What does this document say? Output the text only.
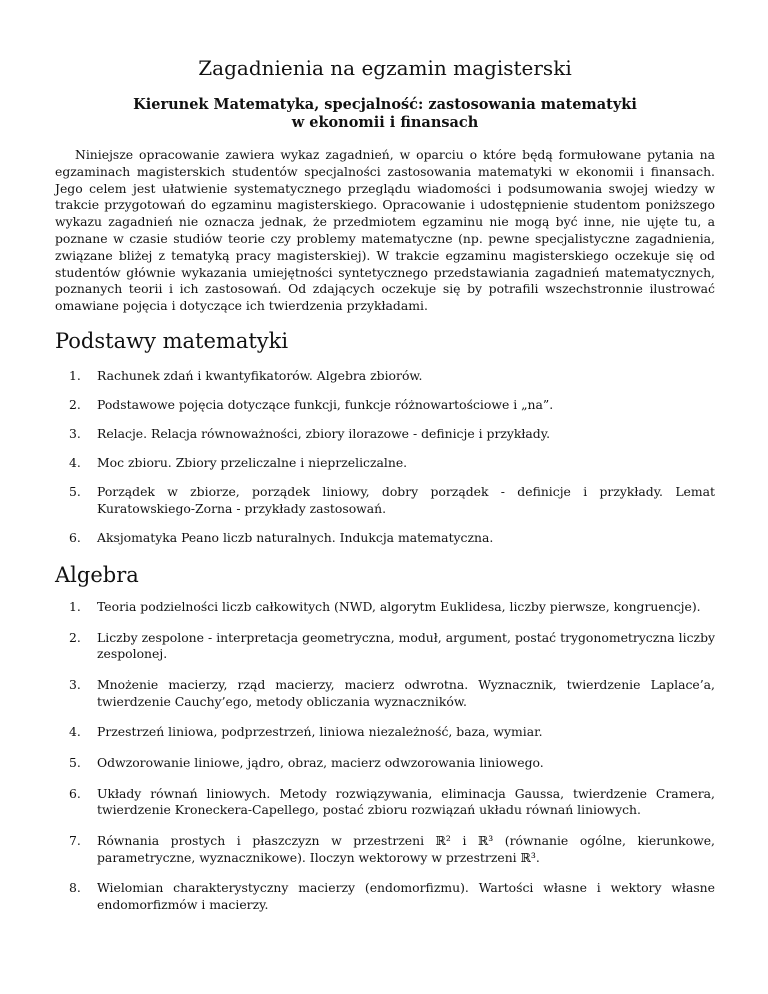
Zagadnienia na egzamin magisterski
Kierunek Matematyka, specjalność: zastosowania matematyki
w ekonomii i finansach

Niniejsze opracowanie zawiera wykaz zagadnień, w oparciu o które będą formułowane pytania na egzaminach magisterskich studentów specjalności zastosowania matematyki w ekonomii i finansach. Jego celem jest ułatwienie systematycznego przeglądu wiadomości i podsumowania swojej wiedzy w trakcie przygotowań do egzaminu magisterskiego. Opracowanie i udostępnienie studentom poniższego wykazu zagadnień nie oznacza jednak, że przedmiotem egzaminu nie mogą być inne, nie ujęte tu, a poznane w czasie studiów teorie czy problemy matematyczne (np. pewne specjalistyczne zagadnienia, związane bliżej z tematyką pracy magisterskiej). W trakcie egzaminu magisterskiego oczekuje się od studentów głównie wykazania umiejętności syntetycznego przedstawiania zagadnień matematycznych, poznanych teorii i ich zastosowań. Od zdających oczekuje się by potrafili wszechstronnie ilustrować omawiane pojęcia i dotyczące ich twierdzenia przykładami.

Podstawy matematyki
1. Rachunek zdań i kwantyfikatorów. Algebra zbiorów.
2. Podstawowe pojęcia dotyczące funkcji, funkcje różnowartościowe i „na”.
3. Relacje. Relacja równoważności, zbiory ilorazowe - definicje i przykłady.
4. Moc zbioru. Zbiory przeliczalne i nieprzeliczalne.
5. Porządek w zbiorze, porządek liniowy, dobry porządek - definicje i przykłady. Lemat Kuratowskiego-Zorna - przykłady zastosowań.
6. Aksjomatyka Peano liczb naturalnych. Indukcja matematyczna.
Algebra
1. Teoria podzielności liczb całkowitych (NWD, algorytm Euklidesa, liczby pierwsze, kongruencje).
2. Liczby zespolone - interpretacja geometryczna, moduł, argument, postać trygonometryczna liczby zespolonej.
3. Mnożenie macierzy, rząd macierzy, macierz odwrotna. Wyznacznik, twierdzenie Laplace’a, twierdzenie Cauchy’ego, metody obliczania wyznaczników.
4. Przestrzeń liniowa, podprzestrzeń, liniowa niezależność, baza, wymiar.
5. Odwzorowanie liniowe, jądro, obraz, macierz odwzorowania liniowego.
6. Układy równań liniowych. Metody rozwiązywania, eliminacja Gaussa, twierdzenie Cramera, twierdzenie Kroneckera-Capellego, postać zbioru rozwiązań układu równań liniowych.
7. Równania prostych i płaszczyzn w przestrzeni ℝ² i ℝ³ (równanie ogólne, kierunkowe, parametryczne, wyznacznikowe). Iloczyn wektorowy w przestrzeni ℝ³.
8. Wielomian charakterystyczny macierzy (endomorfizmu). Wartości własne i wektory własne endomorfizmów i macierzy.
